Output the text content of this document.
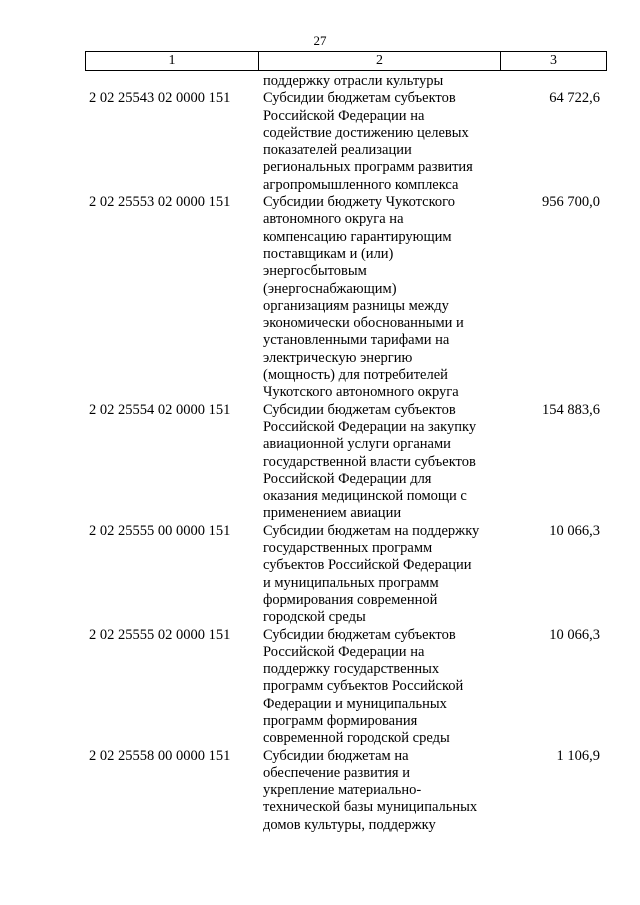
27
1	2	3
поддержку отрасли культуры
2 02 25543 02 0000 151	Субсидии бюджетам субъектов
Российской Федерации на
содействие достижению целевых
показателей реализации
региональных программ развития
агропромышленного комплекса
64 722,6
2 02 25553 02 0000 151	Субсидии бюджету Чукотского
автономного округа на
компенсацию гарантирующим
поставщикам и (или)
энергосбытовым
(энергоснабжающим)
организациям разницы между
экономически обоснованными и
установленными тарифами на
электрическую энергию
(мощность) для потребителей
Чукотского автономного округа
956 700,0
2 02 25554 02 0000 151	Субсидии бюджетам субъектов
Российской Федерации на закупку
авиационной услуги органами
государственной власти субъектов
Российской Федерации для
оказания медицинской помощи с
применением авиации
154 883,6
2 02 25555 00 0000 151	Субсидии бюджетам на поддержку
государственных программ
субъектов Российской Федерации
и муниципальных программ
формирования современной
городской среды
10 066,3
2 02 25555 02 0000 151	Субсидии бюджетам субъектов
Российской Федерации на
поддержку государственных
программ субъектов Российской
Федерации и муниципальных
программ формирования
современной городской среды
10 066,3
2 02 25558 00 0000 151	Субсидии бюджетам на
обеспечение развития и
укрепление материально-
технической базы муниципальных
домов культуры, поддержку
1 106,9
